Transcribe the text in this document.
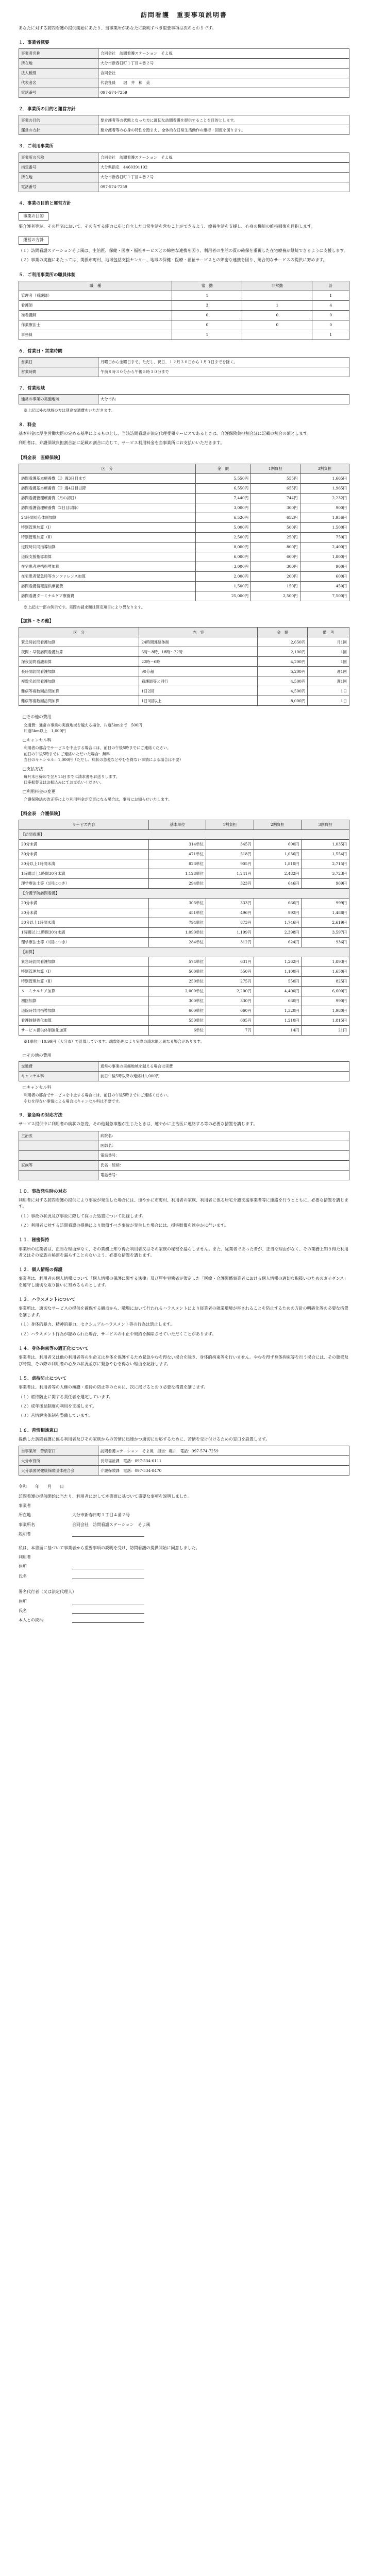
訪問看護　重要事項説明書

あなたに対する訪問看護の提供開始にあたり、当事業所があなたに説明すべき重要事項は次のとおりです。

１．事業者概要
事業者名称	合同会社　訪問看護ステーション　そよ風
所在地	大分市新春日町１丁目４番２号
法人種別	合同会社
代表者名	代表社員　　堀　井　和　美
電話番号	097-574-7259
２．事業所の目的と運営方針
事業の目的	要介護者等の状態となった方に適切な訪問看護を提供することを目的とします。
運営の方針	要介護者等の心身の特性を踏まえ、全体的な日常生活動作の維持・回復を図ります。
３．ご利用事業所
事業所の名称	合同会社　訪問看護ステーション　そよ風
指定番号	大分県指定　4460391192
所在地	大分市新春日町１丁目４番２号
電話番号	097-574-7259
４．事業の目的と運営方針
事業の目的

要介護者等が、その居宅において、その有する能力に応じ自立した日常生活を営むことができるよう、療養生活を支援し、心身の機能の維持回復を目指します。

運営の方針

（１）訪問看護ステーションそよ風は、主治医、保健・医療・福祉サービスとの綿密な連携を図り、利用者の生活の質の確保を重視した在宅療養が継続できるように支援します。

（２）事業の実施にあたっては、関係市町村、地域包括支援センター、地域の保健・医療・福祉サービスとの綿密な連携を図り、総合的なサービスの提供に努めます。

５．ご利用事業所の職員体制
職　種	常　勤	非常勤	計
管理者（看護師）	1		1
看護師	3	1	4
准看護師	0	0	0
作業療法士	0	0	0
事務員	1		1
６．営業日・営業時間
営業日	月曜日から金曜日まで。ただし、祝日、１２月３０日から１月３日までを除く。
営業時間	午前８時３０分から午後５時３０分まで
７．営業地域
通常の事業の実施地域	大分市内
※上記以外の地域の方は別途交通費をいただきます。
８．料金

基本料金は厚生労働大臣の定める基準によるものとし、当該訪問看護が法定代理受領サービスであるときは、介護保険負担割合証に記載の割合の額とします。

利用者は、介護保険負担割合証に記載の割合に応じて、サービス利用料金を当事業所にお支払いいただきます。

【料金表　医療保険】
区　分	金　額	1割負担	3割負担
訪問看護基本療養費（Ⅰ）週3日目まで	5,550円	555円	1,665円
訪問看護基本療養費（Ⅰ）週4日目以降	6,550円	655円	1,965円
訪問看護管理療養費（月の初日）	7,440円	744円	2,232円
訪問看護管理療養費（2日目以降）	3,000円	300円	900円
24時間対応体制加算	6,520円	652円	1,956円
特別管理加算（Ⅰ）	5,000円	500円	1,500円
特別管理加算（Ⅱ）	2,500円	250円	750円
退院時共同指導加算	8,000円	800円	2,400円
退院支援指導加算	6,000円	600円	1,800円
在宅患者連携指導加算	3,000円	300円	900円
在宅患者緊急時等カンファレンス加算	2,000円	200円	600円
訪問看護情報提供療養費	1,500円	150円	450円
訪問看護ターミナルケア療養費	25,000円	2,500円	7,500円
※上記は一部の例示です。実際の請求額は算定項目により異なります。
【加算・その他】
区　分	内　容	金　額	備　考
緊急時訪問看護加算	24時間連絡体制	2,650円	月1回
夜間・早朝訪問看護加算	6時〜8時、18時〜22時	2,100円	1回
深夜訪問看護加算	22時〜6時	4,200円	1回
長時間訪問看護加算	90分超	5,200円	週1回
複数名訪問看護加算	看護師等と同行	4,500円	週1回
難病等複数回訪問加算	1日2回	4,500円	1日
難病等複数回訪問加算	1日3回以上	8,000円	1日
□その他の費用
交通費：通常の事業の実施地域を越える場合、片道5kmまで　500円
片道5km以上　1,000円
□キャンセル料
利用者の都合でサービスを中止する場合には、前日の午後5時までにご連絡ください。
前日の午後5時までにご連絡いただいた場合：無料
当日のキャンセル：1,000円（ただし、病状の急変などやむを得ない事情による場合は不要）
□支払方法
毎月末日締めで翌月15日までに請求書をお送りします。
口座振替又はお振込みにてお支払いください。
□利用料金の変更
介護保険法の改正等により利用料金が変更になる場合は、事前にお知らせいたします。
【料金表　介護保険】
サービス内容	基本単位	1割負担	2割負担	3割負担
【訪問看護】				
20分未満	314単位	345円	690円	1,035円
30分未満	471単位	518円	1,036円	1,554円
30分以上1時間未満	823単位	905円	1,810円	2,715円
1時間以上1時間30分未満	1,128単位	1,241円	2,482円	3,723円
理学療法士等（1回につき）	294単位	323円	646円	969円
【介護予防訪問看護】				
20分未満	303単位	333円	666円	999円
30分未満	451単位	496円	992円	1,488円
30分以上1時間未満	794単位	873円	1,746円	2,619円
1時間以上1時間30分未満	1,090単位	1,199円	2,398円	3,597円
理学療法士等（1回につき）	284単位	312円	624円	936円
【加算】				
緊急時訪問看護加算	574単位	631円	1,262円	1,893円
特別管理加算（Ⅰ）	500単位	550円	1,100円	1,650円
特別管理加算（Ⅱ）	250単位	275円	550円	825円
ターミナルケア加算	2,000単位	2,200円	4,400円	6,600円
初回加算	300単位	330円	660円	990円
退院時共同指導加算	600単位	660円	1,320円	1,980円
看護体制強化加算	550単位	605円	1,210円	1,815円
サービス提供体制強化加算	6単位	7円	14円	21円
※1単位＝10.99円（大分市）で計算しています。端数処理により実際の請求額と異なる場合があります。
□その他の費用
交通費	通常の事業の実施地域を越える場合は実費
キャンセル料	前日午後5時以降の連絡は1,000円
□キャンセル料
利用者の都合でサービスを中止する場合には、前日の午後5時までにご連絡ください。
やむを得ない事情による場合はキャンセル料は不要です。
９．緊急時の対応方法

サービス提供中に利用者の病状の急変、その他緊急事態が生じたときは、速やかに主治医に連絡する等の必要な措置を講じます。

主治医	病院名：
	医師名：
	電話番号：
家族等	氏名・続柄：
	電話番号：
１０．事故発生時の対応

利用者に対する訪問看護の提供により事故が発生した場合には、速やかに市町村、利用者の家族、利用者に係る居宅介護支援事業者等に連絡を行うとともに、必要な措置を講じます。

（１）事故の状況及び事故に際して採った処置について記録します。

（２）利用者に対する訪問看護の提供により賠償すべき事故が発生した場合には、損害賠償を速やかに行います。

１１．秘密保持

事業所の従業者は、正当な理由がなく、その業務上知り得た利用者又はその家族の秘密を漏らしません。また、従業者であった者が、正当な理由がなく、その業務上知り得た利用者又はその家族の秘密を漏らすことのないよう、必要な措置を講じます。

１２．個人情報の保護

事業者は、利用者の個人情報について「個人情報の保護に関する法律」及び厚生労働省が策定した「医療・介護関係事業者における個人情報の適切な取扱いのためのガイダンス」を遵守し適切な取り扱いに努めるものとします。

１３．ハラスメントについて

事業所は、適切なサービスの提供を確保する観点から、職場において行われるハラスメントにより従業者の就業環境が害されることを防止するための方針の明確化等の必要な措置を講じます。

（１）身体的暴力、精神的暴力、セクシュアルハラスメント等の行為は禁止します。

（２）ハラスメント行為が認められた場合、サービスの中止や契約を解除させていただくことがあります。

１４．身体拘束等の適正化について

事業者は、利用者又は他の利用者等の生命又は身体を保護するため緊急やむを得ない場合を除き、身体的拘束等を行いません。やむを得ず身体拘束等を行う場合には、その態様及び時間、その際の利用者の心身の状況並びに緊急やむを得ない理由を記録します。

１５．虐待防止について

事業者は、利用者等の人権の擁護・虐待の防止等のために、次に掲げるとおり必要な措置を講じます。

（１）虐待防止に関する責任者を選定しています。

（２）成年後見制度の利用を支援します。

（３）苦情解決体制を整備しています。

１６．苦情相談窓口

提供した訪問看護に係る利用者及びその家族からの苦情に迅速かつ適切に対応するために、苦情を受け付けるための窓口を設置します。

当事業所　苦情窓口	訪問看護ステーション　そよ風　担当：堀井　電話：097-574-7259
大分市役所	長寿福祉課　電話：097-534-6111
大分県国民健康保険団体連合会	介護保険課　電話：097-534-8470

令和　　年　　月　　日

訪問看護の提供開始に当たり、利用者に対して本書面に基づいて重要な事項を説明しました。

事業者
所在地	大分市新春日町１丁目４番２号
事業所名	合同会社　訪問看護ステーション　そよ風
説明者

私は、本書面に基づいて事業者から重要事項の説明を受け、訪問看護の提供開始に同意しました。

利用者
住所
氏名
署名代行者（又は法定代理人）
住所
氏名
本人との続柄
